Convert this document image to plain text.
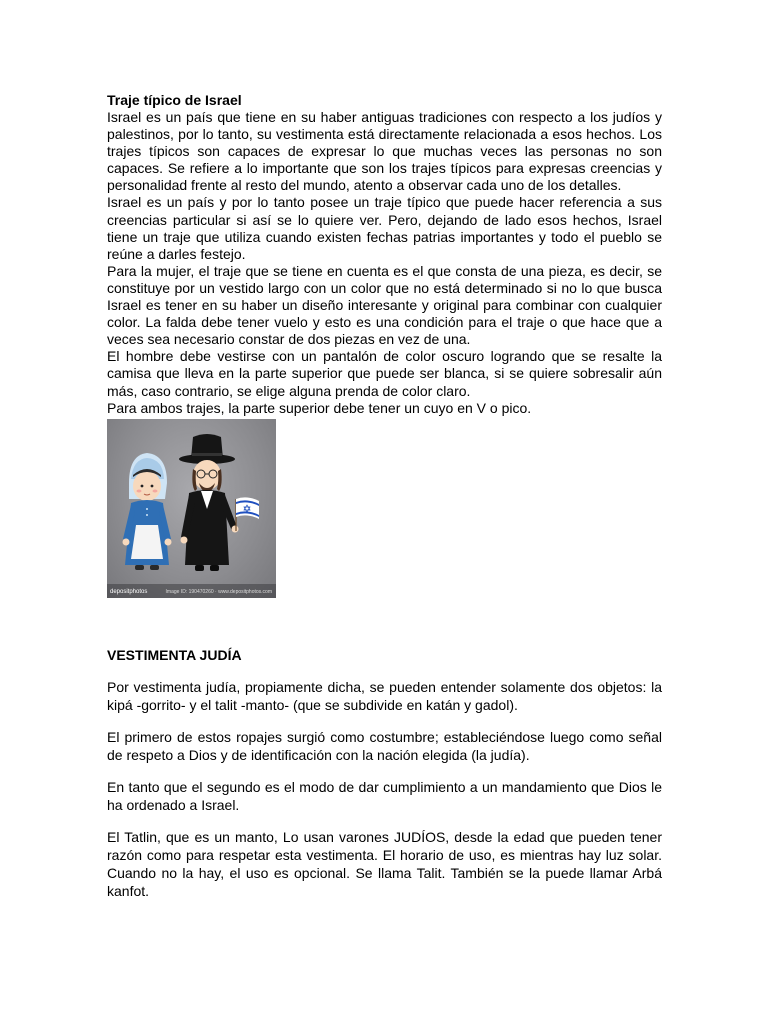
Traje típico de Israel

Israel es un país que tiene en su haber antiguas tradiciones con respecto a los judíos y palestinos, por lo tanto, su vestimenta está directamente relacionada a esos hechos. Los trajes típicos son capaces de expresar lo que muchas veces las personas no son capaces. Se refiere a lo importante que son los trajes típicos para expresas creencias y personalidad frente al resto del mundo, atento a observar cada uno de los detalles.

Israel es un país y por lo tanto posee un traje típico que puede hacer referencia a sus creencias particular si así se lo quiere ver. Pero, dejando de lado esos hechos, Israel tiene un traje que utiliza cuando existen fechas patrias importantes y todo el pueblo se reúne a darles festejo.

Para la mujer, el traje que se tiene en cuenta es el que consta de una pieza, es decir, se constituye por un vestido largo con un color que no está determinado si no lo que busca Israel es tener en su haber un diseño interesante y original para combinar con cualquier color. La falda debe tener vuelo y esto es una condición para el traje o que hace que a veces sea necesario constar de dos piezas en vez de una.

El hombre debe vestirse con un pantalón de color oscuro logrando que se resalte la camisa que lleva en la parte superior que puede ser blanca, si se quiere sobresalir aún más, caso contrario, se elige alguna prenda de color claro.

Para ambos trajes, la parte superior debe tener un cuyo en V o pico.

depositphotos	Image ID: 190470260 · www.depositphotos.com
VESTIMENTA JUDÍA

Por vestimenta judía, propiamente dicha, se pueden entender solamente dos objetos: la kipá -gorrito- y el talit -manto- (que se subdivide en katán y gadol).

El primero de estos ropajes surgió como costumbre; estableciéndose luego como señal de respeto a Dios y de identificación con la nación elegida (la judía).

En tanto que el segundo es el modo de dar cumplimiento a un mandamiento que Dios le ha ordenado a Israel.

El Tatlin, que es un manto, Lo usan varones JUDÍOS, desde la edad que pueden tener razón como para respetar esta vestimenta. El horario de uso, es mientras hay luz solar. Cuando no la hay, el uso es opcional. Se llama Talit. También se la puede llamar Arbá kanfot.
